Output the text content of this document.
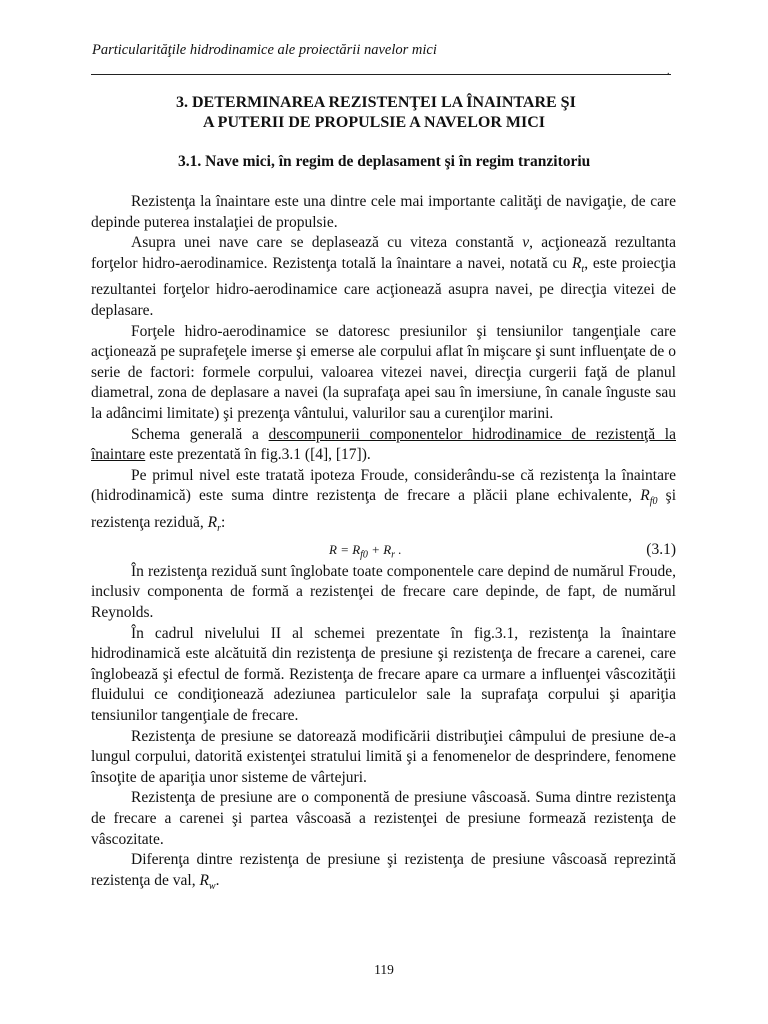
Particularităţile hidrodinamice ale proiectării navelor mici
.
3. DETERMINAREA REZISTENŢEI LA ÎNAINTARE ŞI
A PUTERII DE PROPULSIE A NAVELOR MICI
3.1. Nave mici, în regim de deplasament şi în regim tranzitoriu

Rezistenţa la înaintare este una dintre cele mai importante calităţi de navigaţie, de care depinde puterea instalaţiei de propulsie.

Asupra unei nave care se deplasează cu viteza constantă v, acţionează rezultanta forţelor hidro-aerodinamice. Rezistenţa totală la înaintare a navei, notată cu $R_t$, este proiecţia rezultantei forţelor hidro-aerodinamice care acţionează asupra navei, pe direcţia vitezei de deplasare.

Forţele hidro-aerodinamice se datoresc presiunilor şi tensiunilor tangenţiale care acţionează pe suprafeţele imerse şi emerse ale corpului aflat în mişcare şi sunt influenţate de o serie de factori: formele corpului, valoarea vitezei navei, direcţia curgerii faţă de planul diametral, zona de deplasare a navei (la suprafaţa apei sau în imersiune, în canale înguste sau la adâncimi limitate) şi prezenţa vântului, valurilor sau a curenţilor marini.

Schema generală a descompunerii componentelor hidrodinamice de rezistenţă la înaintare este prezentată în fig.3.1 ([4], [17]).

Pe primul nivel este tratată ipoteza Froude, considerându-se că rezistenţa la înaintare (hidrodinamică) este suma dintre rezistenţa de frecare a plăcii plane echivalente, $R_{f0}$ şi rezistenţa reziduă, $R_r$:

$R = R_{f0} + R_r$ .	(3.1)

În rezistenţa reziduă sunt înglobate toate componentele care depind de numărul Froude, inclusiv componenta de formă a rezistenţei de frecare care depinde, de fapt, de numărul Reynolds.

În cadrul nivelului II al schemei prezentate în fig.3.1, rezistenţa la înaintare hidrodinamică este alcătuită din rezistenţa de presiune şi rezistenţa de frecare a carenei, care înglobează şi efectul de formă. Rezistenţa de frecare apare ca urmare a influenţei vâscozităţii fluidului ce condiţionează adeziunea particulelor sale la suprafaţa corpului şi apariţia tensiunilor tangenţiale de frecare.

Rezistenţa de presiune se datorează modificării distribuţiei câmpului de presiune de-a lungul corpului, datorită existenţei stratului limită şi a fenomenelor de desprindere, fenomene însoţite de apariţia unor sisteme de vârtejuri.

Rezistenţa de presiune are o componentă de presiune vâscoasă. Suma dintre rezistenţa de frecare a carenei şi partea vâscoasă a rezistenţei de presiune formează rezistenţa de vâscozitate.

Diferenţa dintre rezistenţa de presiune şi rezistenţa de presiune vâscoasă reprezintă rezistenţa de val, $R_w$.

119
